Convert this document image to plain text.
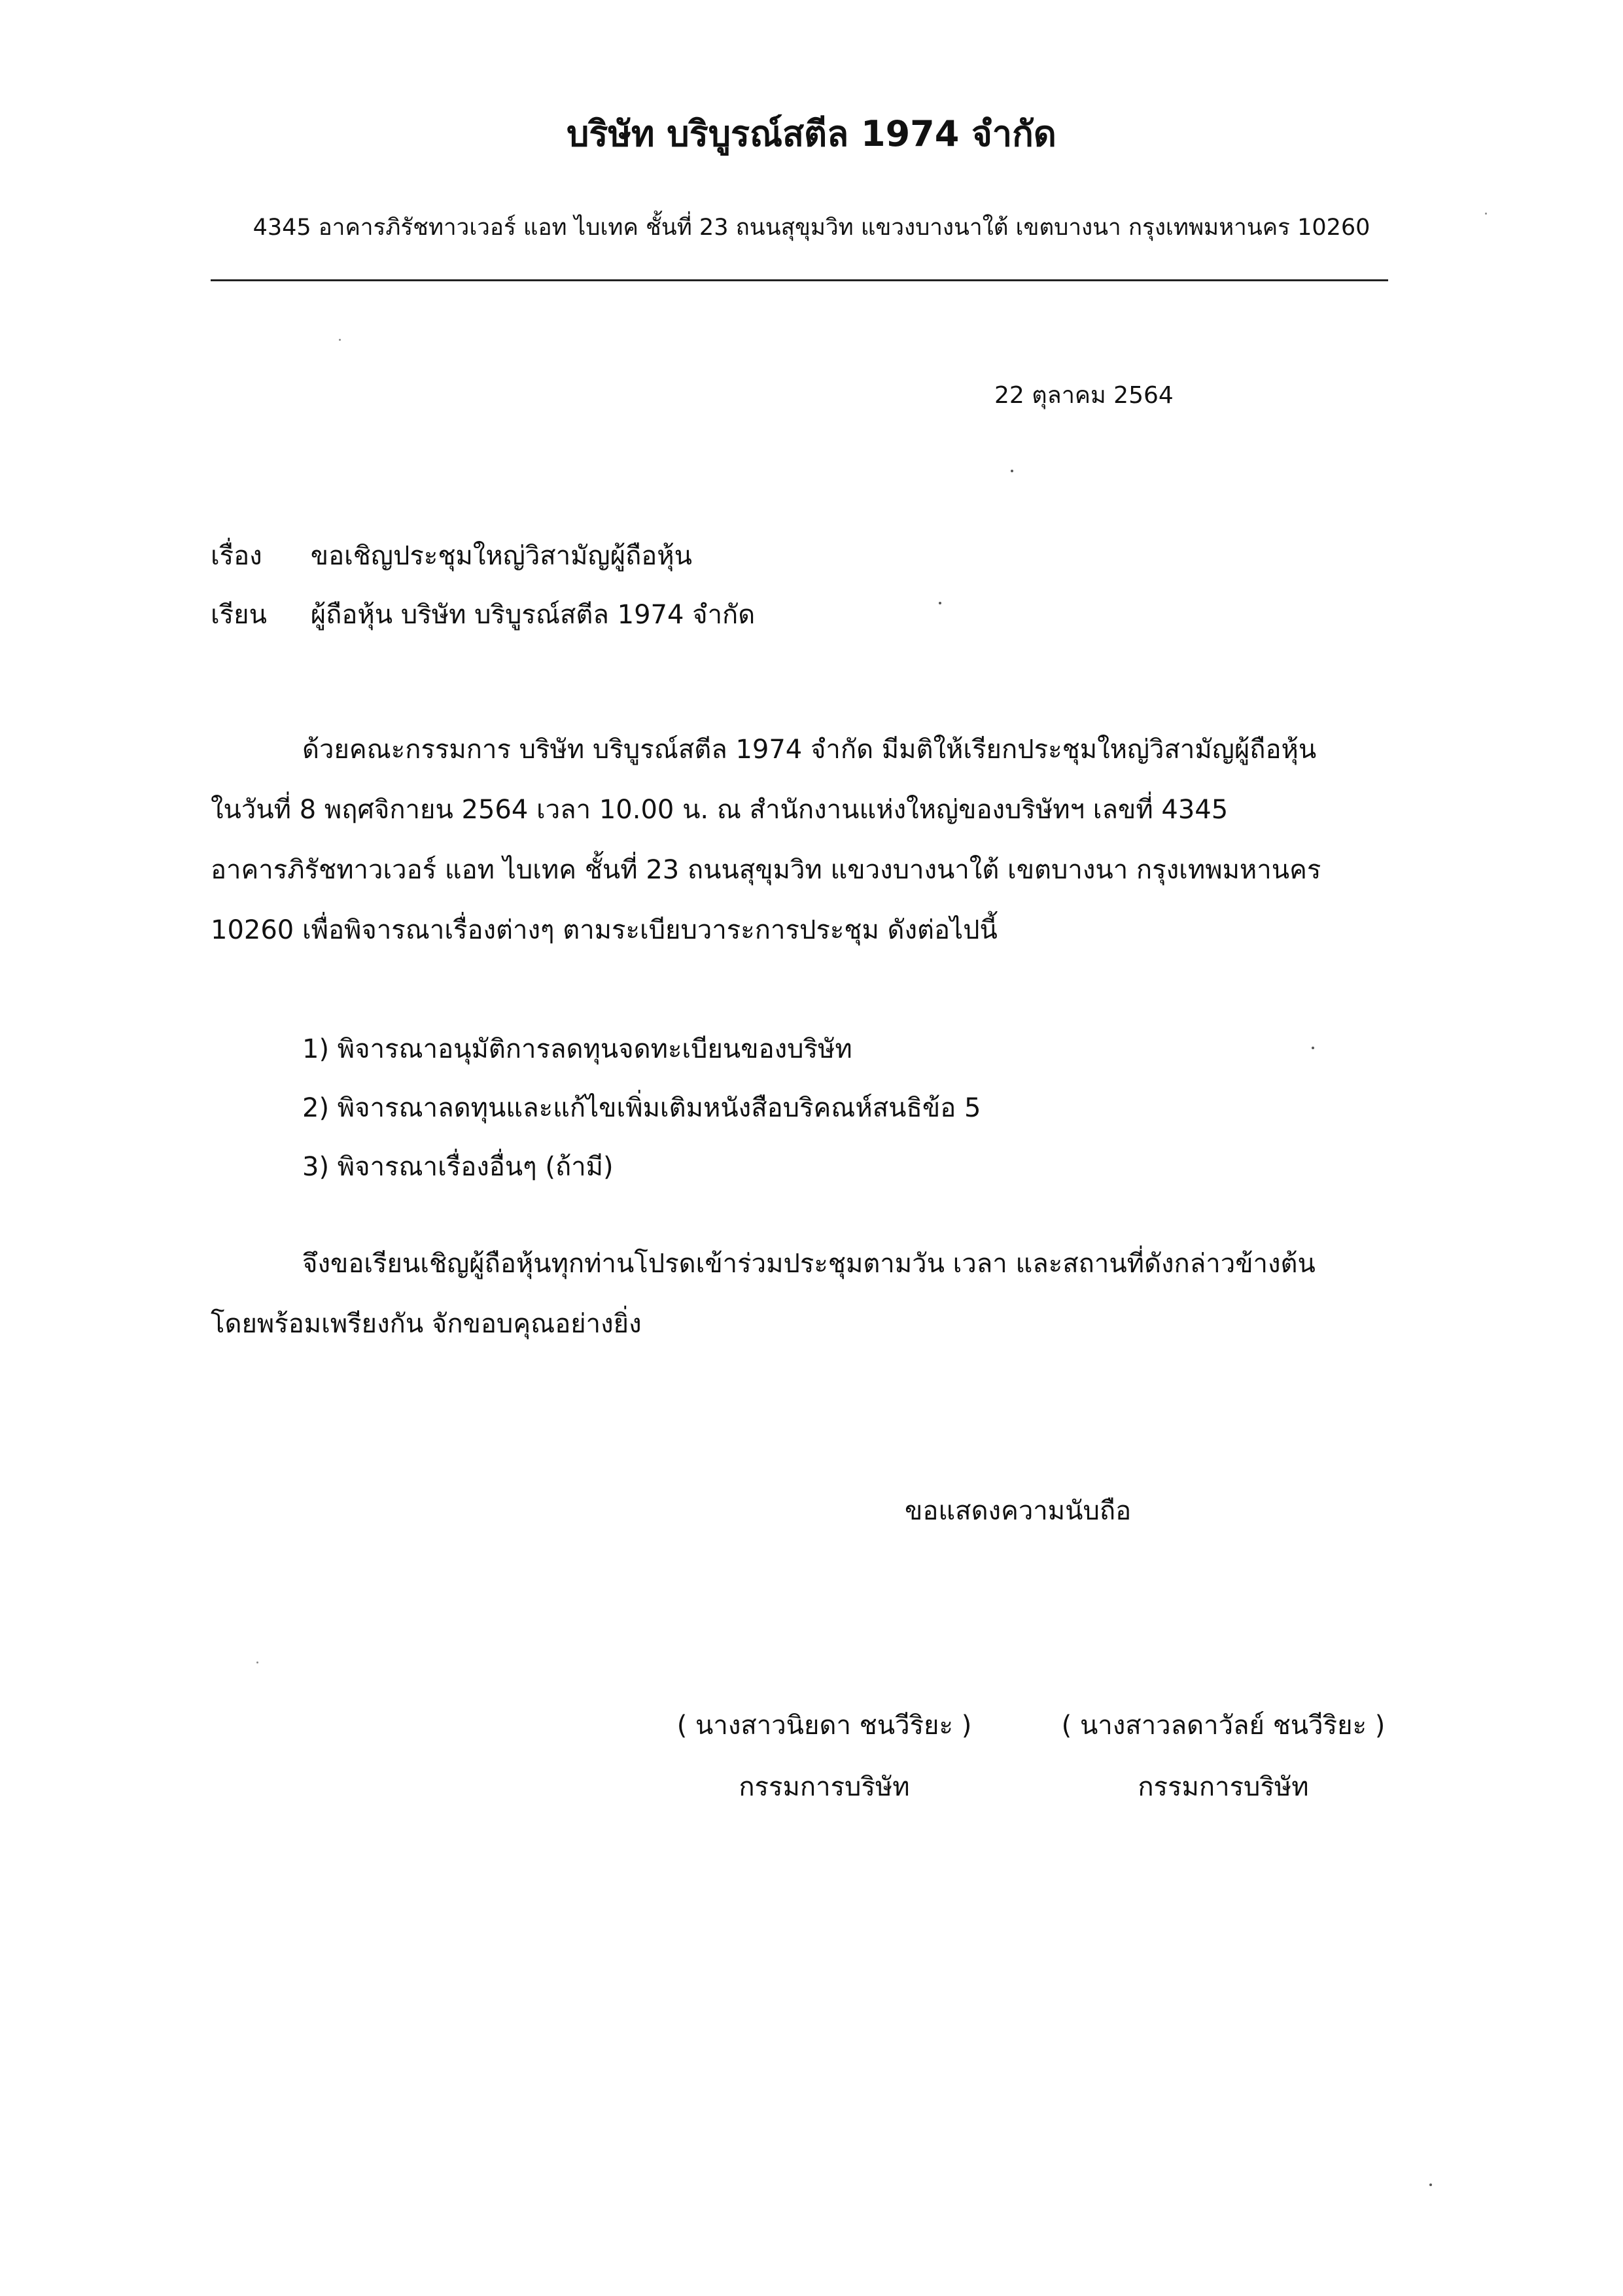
บริษัท บริบูรณ์สตีล 1974 จำกัด
4345 อาคารภิรัชทาวเวอร์ แอท ไบเทค ชั้นที่ 23 ถนนสุขุมวิท แขวงบางนาใต้ เขตบางนา กรุงเทพมหานคร 10260
22 ตุลาคม 2564
เรื่อง ขอเชิญประชุมใหญ่วิสามัญผู้ถือหุ้น
เรียน ผู้ถือหุ้น บริษัท บริบูรณ์สตีล 1974 จำกัด
ด้วยคณะกรรมการ บริษัท บริบูรณ์สตีล 1974 จำกัด มีมติให้เรียกประชุมใหญ่วิสามัญผู้ถือหุ้น
ในวันที่ 8 พฤศจิกายน 2564 เวลา 10.00 น. ณ สำนักงานแห่งใหญ่ของบริษัทฯ เลขที่ 4345
อาคารภิรัชทาวเวอร์ แอท ไบเทค ชั้นที่ 23 ถนนสุขุมวิท แขวงบางนาใต้ เขตบางนา กรุงเทพมหานคร
10260 เพื่อพิจารณาเรื่องต่างๆ ตามระเบียบวาระการประชุม ดังต่อไปนี้
1) พิจารณาอนุมัติการลดทุนจดทะเบียนของบริษัท
2) พิจารณาลดทุนและแก้ไขเพิ่มเติมหนังสือบริคณห์สนธิข้อ 5
3) พิจารณาเรื่องอื่นๆ (ถ้ามี)
จึงขอเรียนเชิญผู้ถือหุ้นทุกท่านโปรดเข้าร่วมประชุมตามวัน เวลา และสถานที่ดังกล่าวข้างต้น
โดยพร้อมเพรียงกัน จักขอบคุณอย่างยิ่ง
ขอแสดงความนับถือ
( นางสาวนิยดา ชนวีริยะ )
กรรมการบริษัท
( นางสาวลดาวัลย์ ชนวีริยะ )
กรรมการบริษัท
